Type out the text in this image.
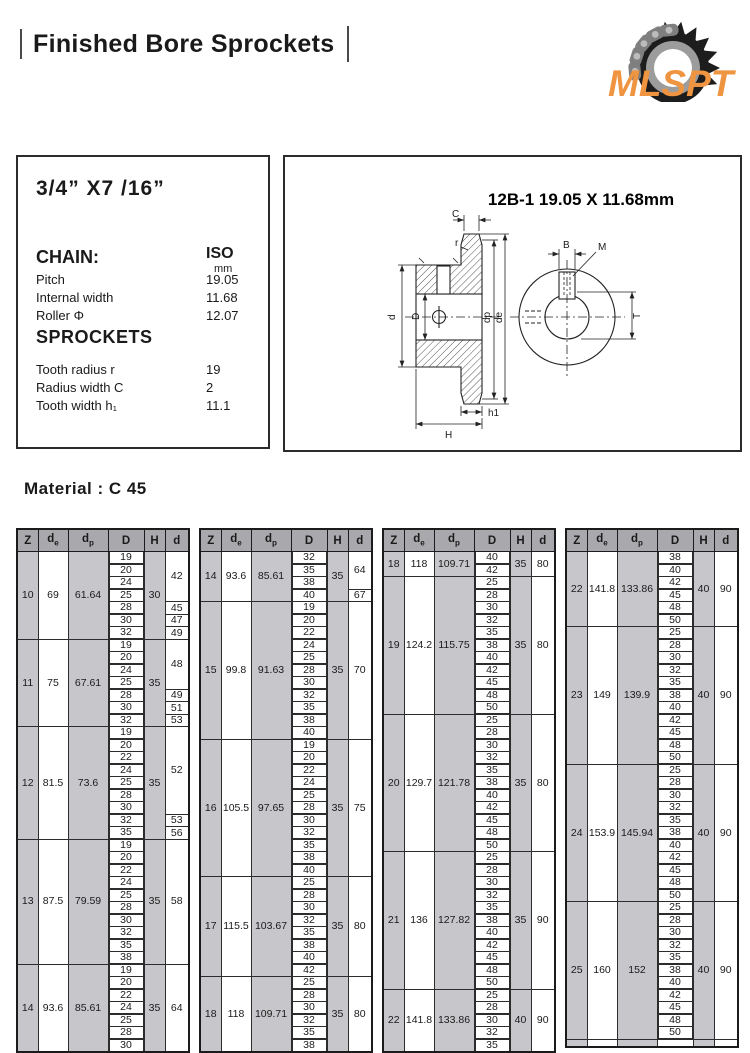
Finished Bore Sprockets
MLSPT
3/4” X7 /16”
CHAIN:	ISO
mm
Pitch	19.05
Internal width	11.68
Roller Φ	12.07
SPROCKETS
Tooth radius r	19
Radius width C	2
Tooth width h₁	11.1
12B-1 19.05 X 11.68mm
C
r
d D	dp de
h1
H
B	M
T
Material : C 45
Z	$d_e$	$d_p$	D	H	d
10	69	61.64	19	30	42

20		

24		

25		

28		45

30		47

32		49
11	75	67.61	19	35	48

20		

24		

25		

28		49

30		51

32		53
12	81.5	73.6	19	35	52

20		

22		

24		

25		

28		

30		

32		53

35		56
13	87.5	79.59	19	35	58

20		

22		

24		

25		

28		

30		

32		

35		

38		

14	93.6	85.61	19	35	64

20		

22		

24		

25		

28		

30		
Z	$d_e$	$d_p$	D	H	d
14	93.6	85.61	32	35	64

35		

38		

40		67
15	99.8	91.63	19	35	70

20		

22		

24		

25		

28		

30		

32		

35		

38		

40		

16	105.5	97.65	19	35	75

20		

22		

24		

25		

28		

30		

32		

35		

38		

40		

17	115.5	103.67	25	35	80

28		

30		

32		

35		

38		

40		

42		

18	118	109.71	25	35	80

28		

30		

32		

35		

38		
Z	$d_e$	$d_p$	D	H	d
18	118	109.71	40	35	80

42		

19	124.2	115.75	25	35	80

28		

30		

32		

35		

38		

40		

42		

45		

48		

50		

20	129.7	121.78	25	35	80

28		

30		

32		

35		

38		

40		

42		

45		

48		

50		

21	136	127.82	25	35	90

28		

30		

32		

35		

38		

40		

42		

45		

48		

50		

22	141.8	133.86	25	40	90

28		

30		

32		

35		
Z	$d_e$	$d_p$	D	H	d
22	141.8	133.86	38	40	90

40		

42		

45		

48		

50		

23	149	139.9	25	40	90

28		

30		

32		

35		

38		

40		

42		

45		

48		

50		

24	153.9	145.94	25	40	90

28		

30		

32		

35		

38		

40		

42		

45		

48		

50		

25	160	152	25	40	90

28		

30		

32		

35		

38		

40		

42		

45		

48		

50		
